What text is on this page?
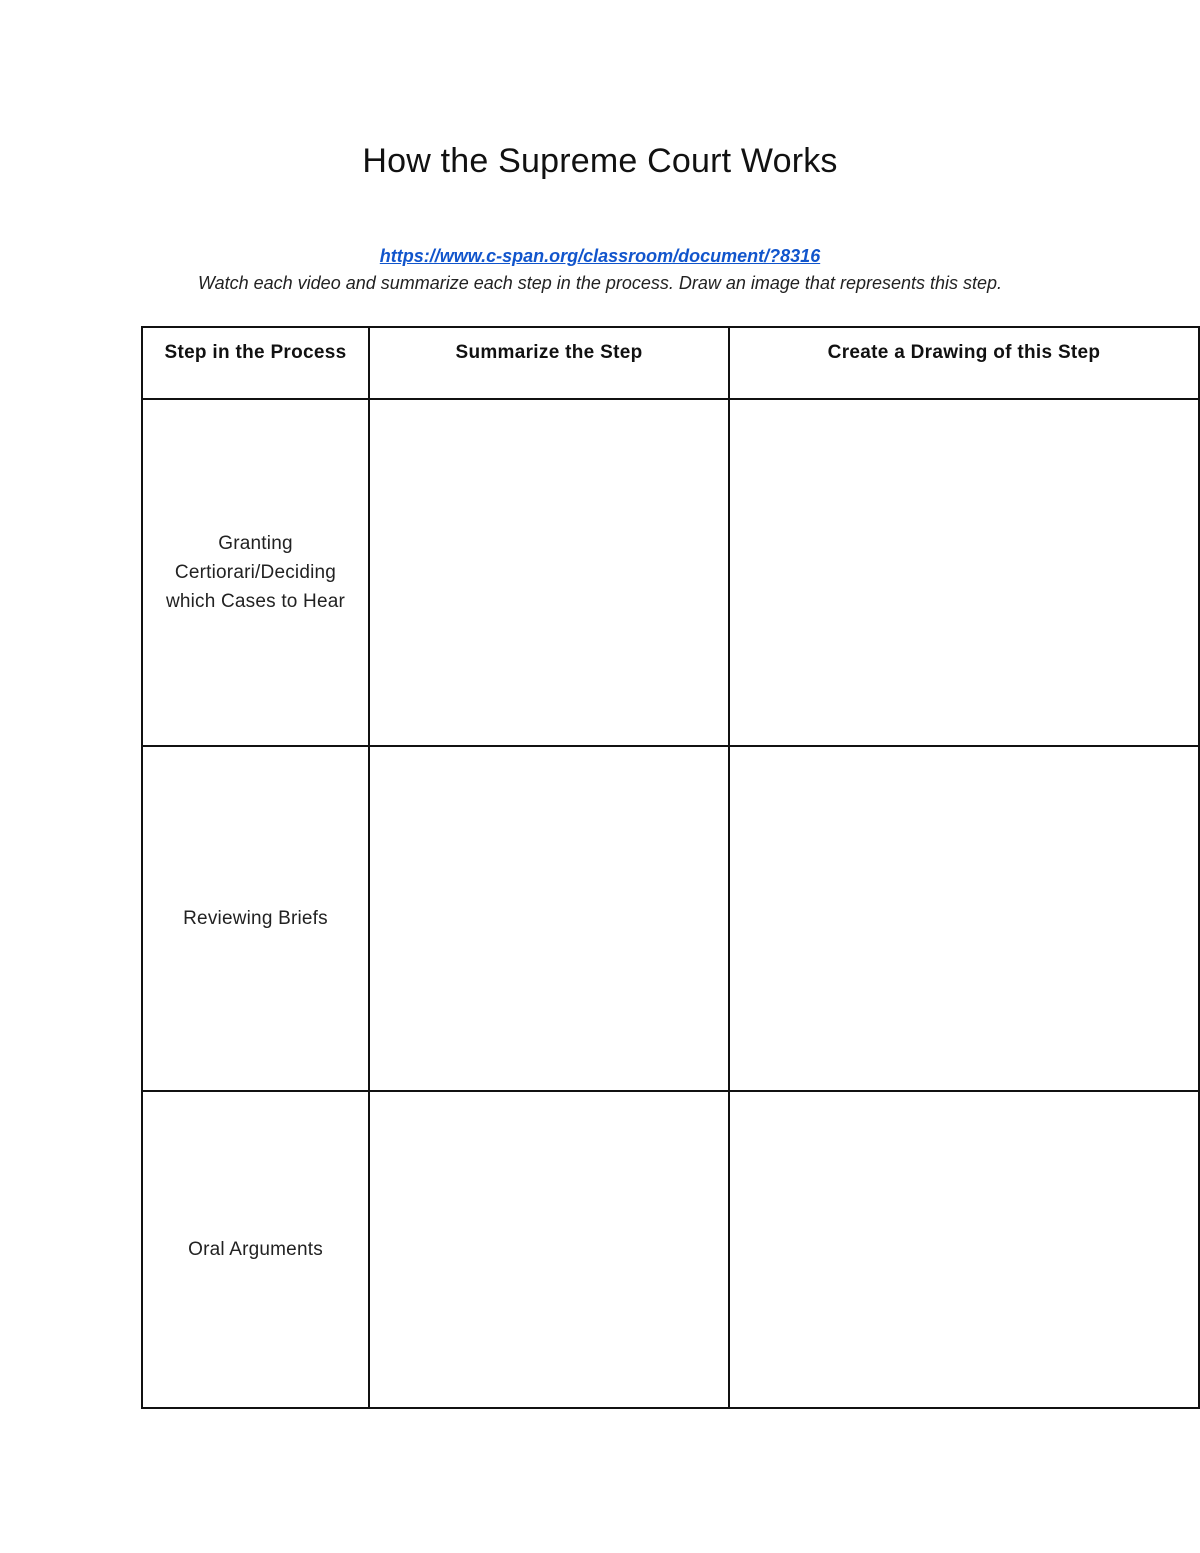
How the Supreme Court Works
https://www.c-span.org/classroom/document/?8316
Watch each video and summarize each step in the process. Draw an image that represents this step.
Step in the Process	Summarize the Step	Create a Drawing of this Step

Granting Certiorari/Deciding which Cases to Hear		

Reviewing Briefs		

Oral Arguments		
